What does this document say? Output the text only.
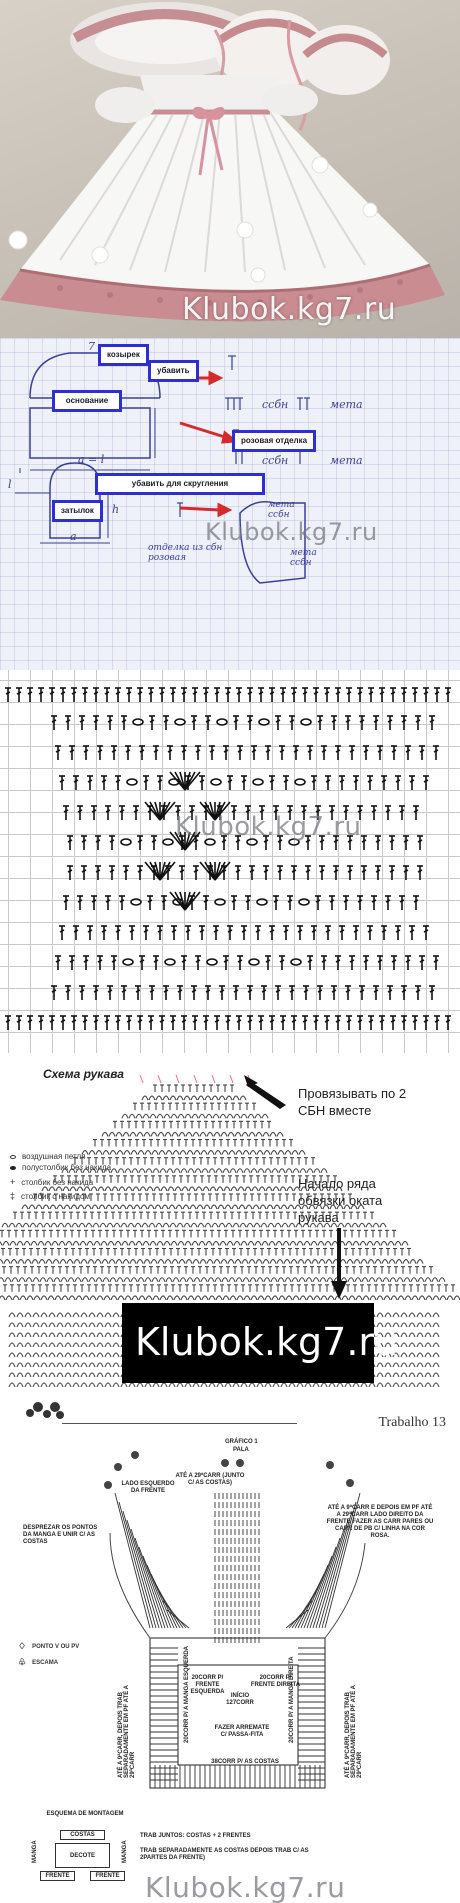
Klubok.kg7.ru
козырек
убавить
основание
розовая отделка
убавить для скругления
затылок
7
a = l
l
h
a
ссбн	мета
ссбн	мета
отделка из сбн розовая
мета ссбн
мета ссбн
Klubok.kg7.ru
Klubok.kg7.ru
Схема рукава
Провязывать по 2 СБН вместе
Начало ряда обвязки оката рукава
воздушная петля
полустолбик без накида
+ столбик без накида
‡ столбик с накидом
Klubok.kg7.ru
Trabalho 13
GRÁFICO 1
PALA
LADO ESQUERDO DA FRENTE
ATÉ A 29ªCARR (JUNTO C/ AS COSTAS)
DESPREZAR OS PONTOS DA MANGA E UNIR C/ AS COSTAS
ATÉ A 9ªCARR E DEPOIS EM PF ATÉ A 29ªCARR LADO DIREITO DA FRENTE FAZER AS CARR PARES OU CARR DE PB C/ LINHA NA COR ROSA.
20CORR P/ FRENTE ESQUERDA
20CORR P/ FRENTE DIREITA
INÍCIO 127CORR
FAZER ARREMATE C/ PASSA-FITA
38CORR P/ AS COSTAS
20CORR P/ A MANGA ESQUERDA	20CORR P/ A MANGA DIREITA
ATÉ A 9ªCARR, DEPOIS TRAB SEPARADAMENTE EM PF ATÉ A 29ªCARR	ATÉ A 9ªCARR, DEPOIS TRAB SEPARADAMENTE EM PF ATÉ A 29ªCARR
♢ PONTO V OU PV
♧ ESCAMA
ESQUEMA DE MONTAGEM
COSTAS
DECOTE
FRENTE	FRENTE
MANGA	MANGA
TRAB JUNTOS: COSTAS + 2 FRENTES
TRAB SEPARADAMENTE AS COSTAS DEPOIS TRAB C/ AS 2PARTES DA FRENTE)
Klubok.kg7.ru
